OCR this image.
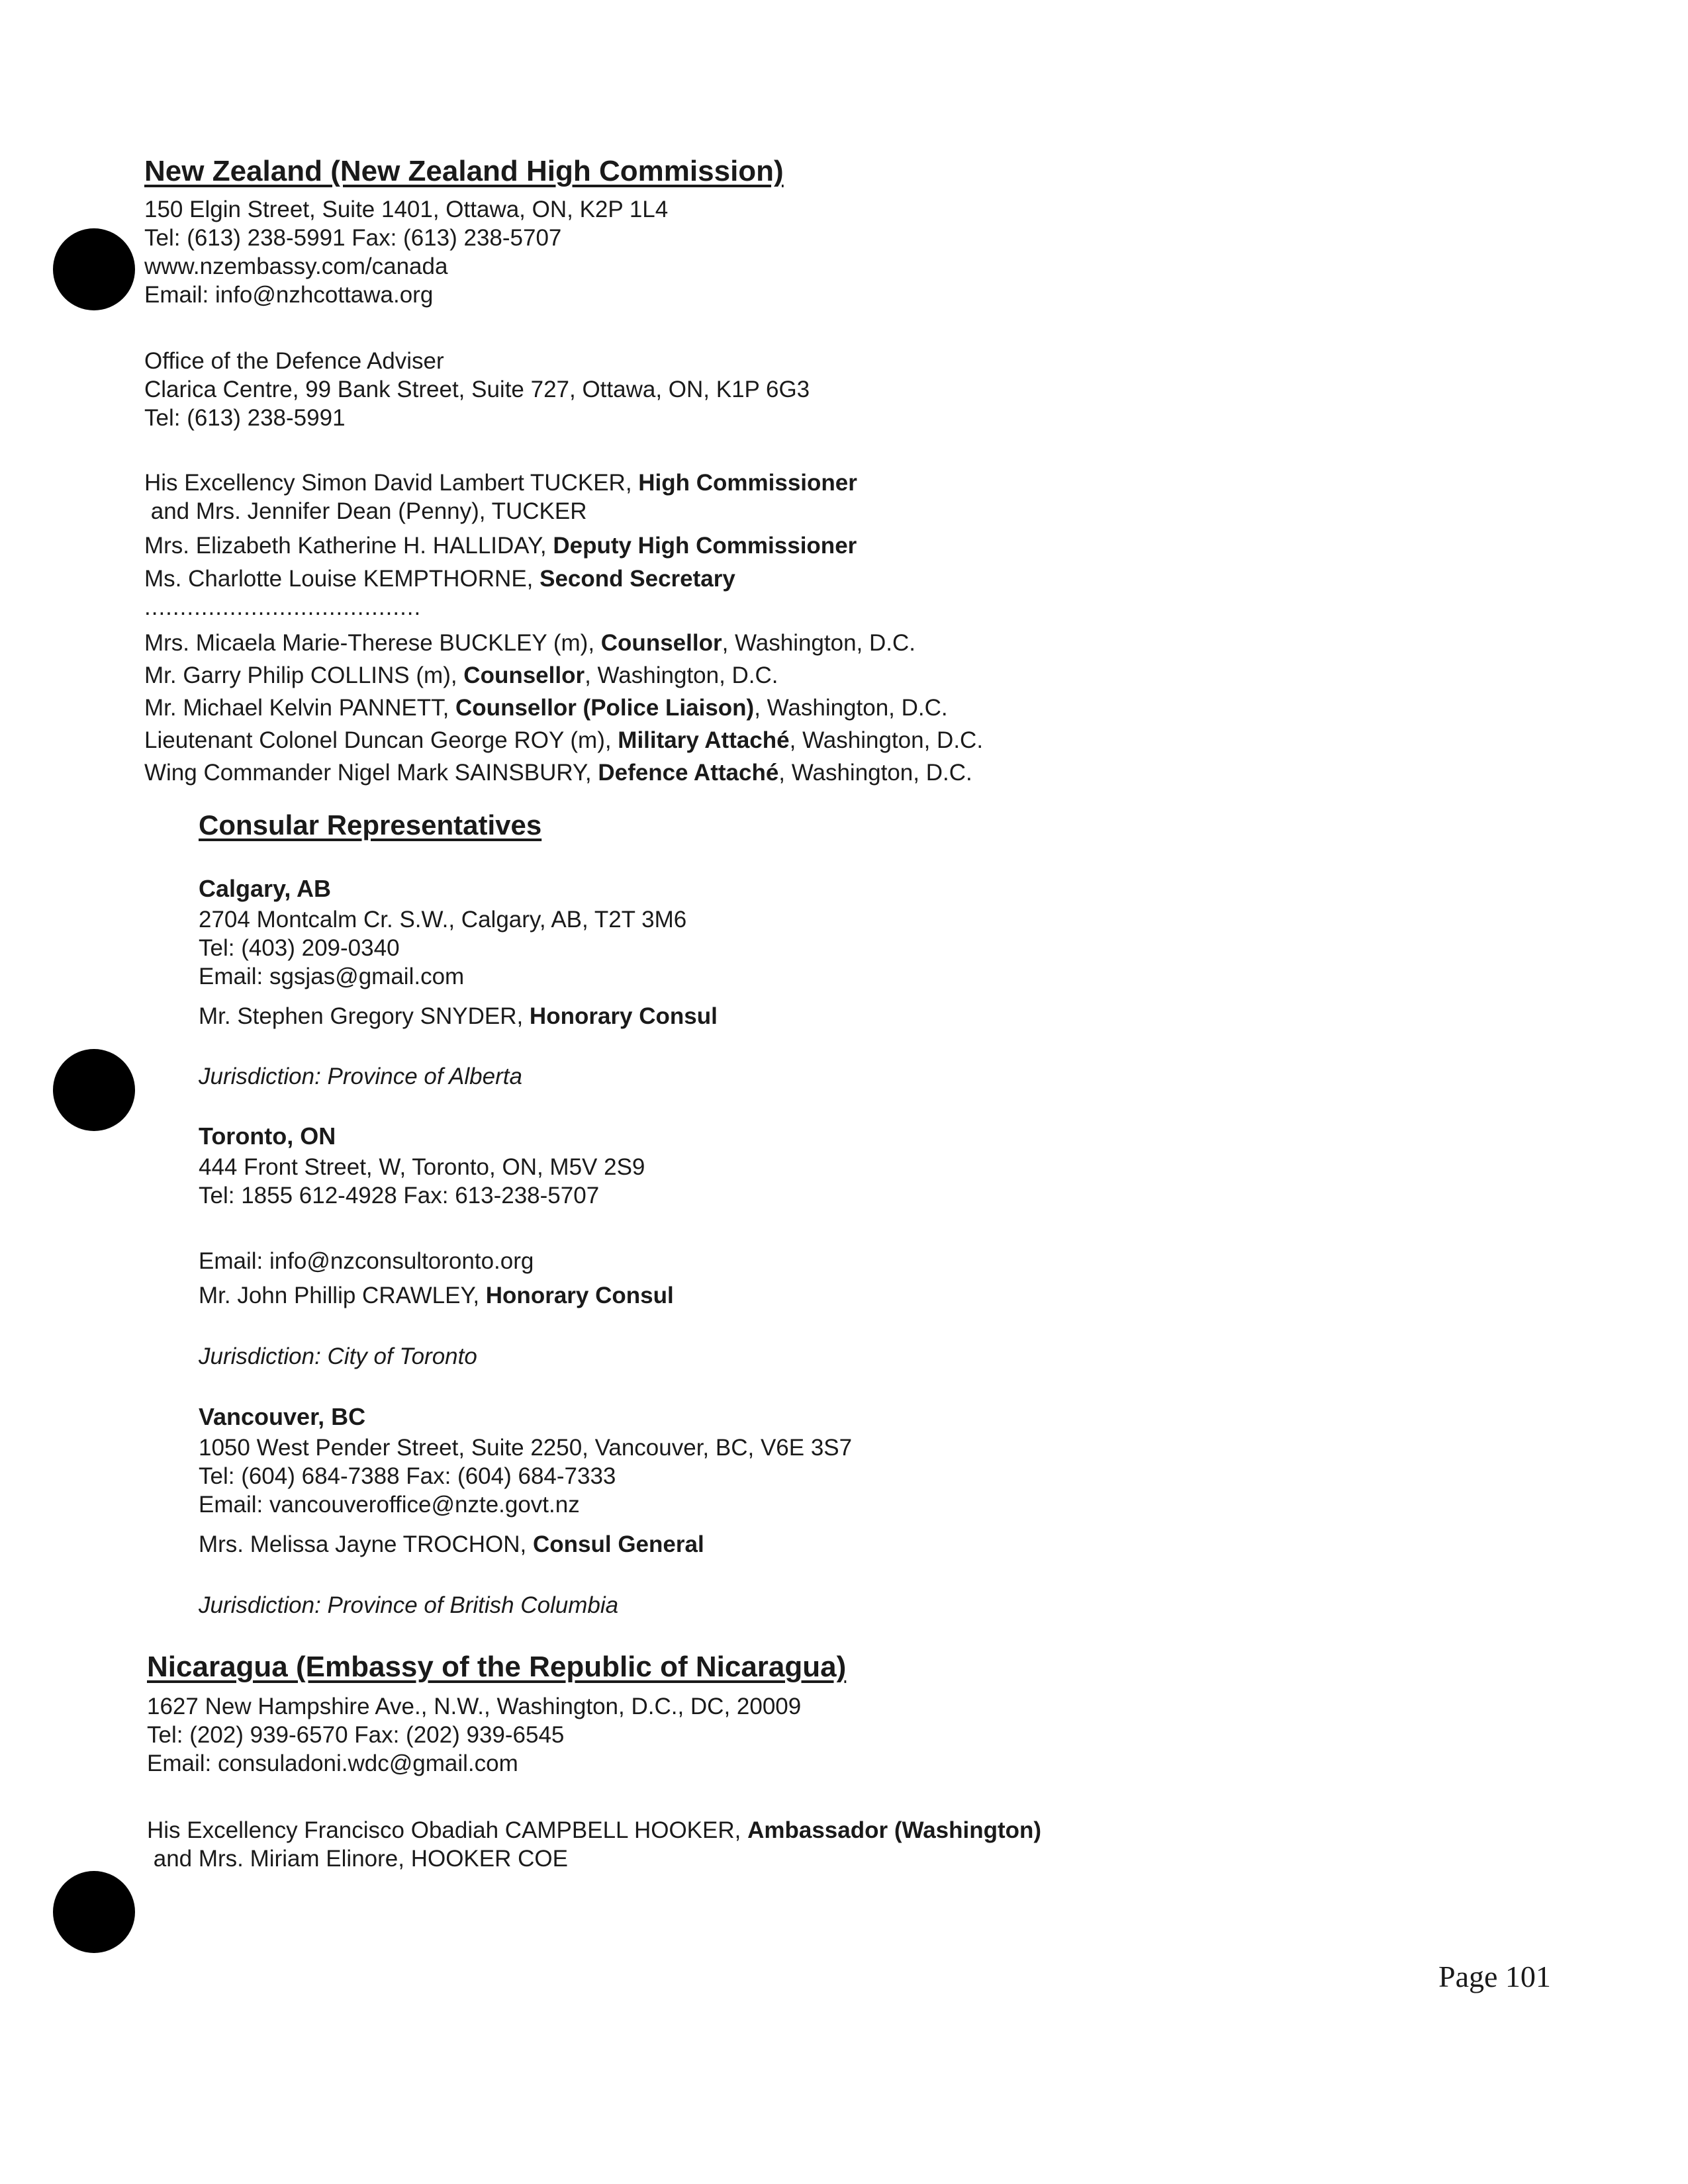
New Zealand (New Zealand High Commission)
150 Elgin Street, Suite 1401, Ottawa, ON, K2P 1L4
Tel: (613) 238-5991 Fax: (613) 238-5707
www.nzembassy.com/canada
Email: info@nzhcottawa.org
Office of the Defence Adviser
Clarica Centre, 99 Bank Street, Suite 727, Ottawa, ON, K1P 6G3
Tel: (613) 238-5991
His Excellency Simon David Lambert TUCKER, High Commissioner
and Mrs. Jennifer Dean (Penny), TUCKER
Mrs. Elizabeth Katherine H. HALLIDAY, Deputy High Commissioner
Ms. Charlotte Louise KEMPTHORNE, Second Secretary
.......................................
Mrs. Micaela Marie-Therese BUCKLEY (m), Counsellor, Washington, D.C.
Mr. Garry Philip COLLINS (m), Counsellor, Washington, D.C.
Mr. Michael Kelvin PANNETT, Counsellor (Police Liaison), Washington, D.C.
Lieutenant Colonel Duncan George ROY (m), Military Attaché, Washington, D.C.
Wing Commander Nigel Mark SAINSBURY, Defence Attaché, Washington, D.C.
Consular Representatives
Calgary, AB
2704 Montcalm Cr. S.W., Calgary, AB, T2T 3M6
Tel: (403) 209-0340
Email: sgsjas@gmail.com
Mr. Stephen Gregory SNYDER, Honorary Consul
Jurisdiction: Province of Alberta
Toronto, ON
444 Front Street, W, Toronto, ON, M5V 2S9
Tel: 1855 612-4928 Fax: 613-238-5707
Email: info@nzconsultoronto.org
Mr. John Phillip CRAWLEY, Honorary Consul
Jurisdiction: City of Toronto
Vancouver, BC
1050 West Pender Street, Suite 2250, Vancouver, BC, V6E 3S7
Tel: (604) 684-7388 Fax: (604) 684-7333
Email: vancouveroffice@nzte.govt.nz
Mrs. Melissa Jayne TROCHON, Consul General
Jurisdiction: Province of British Columbia
Nicaragua (Embassy of the Republic of Nicaragua)
1627 New Hampshire Ave., N.W., Washington, D.C., DC, 20009
Tel: (202) 939-6570 Fax: (202) 939-6545
Email: consuladoni.wdc@gmail.com
His Excellency Francisco Obadiah CAMPBELL HOOKER, Ambassador (Washington)
and Mrs. Miriam Elinore, HOOKER COE
Page 101
